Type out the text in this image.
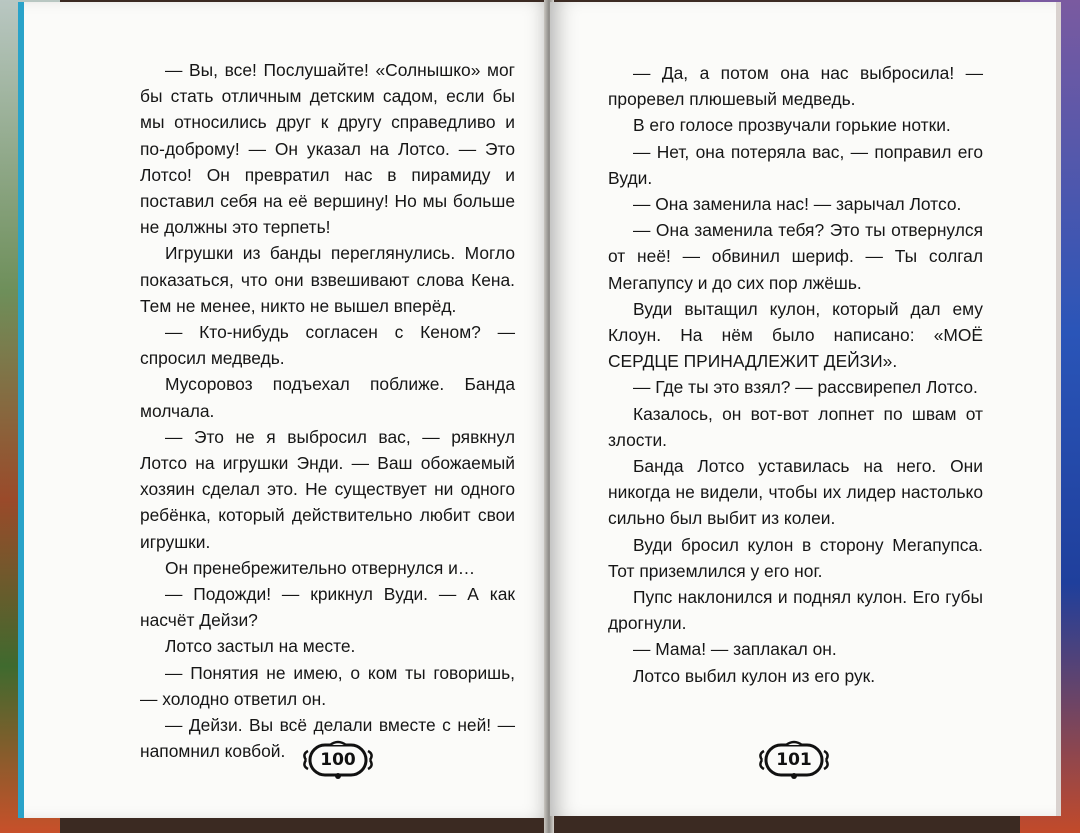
— Вы, все! Послушайте! «Солнышко» мог бы стать отличным детским садом, если бы мы относились друг к другу справедливо и по-доброму! — Он указал на Лотсо. — Это Лотсо! Он превратил нас в пирамиду и поставил себя на её вершину! Но мы больше не должны это терпеть!

Игрушки из банды переглянулись. Могло показаться, что они взвешивают слова Кена. Тем не менее, никто не вышел вперёд.

— Кто-нибудь согласен с Кеном? — спросил медведь.

Мусоровоз подъехал поближе. Банда молчала.

— Это не я выбросил вас, — рявкнул Лотсо на игрушки Энди. — Ваш обожаемый хозяин сделал это. Не существует ни одного ребёнка, который действительно любит свои игрушки.

Он пренебрежительно отвернулся и…

— Подожди! — крикнул Вуди. — А как насчёт Дейзи?

Лотсо застыл на месте.

— Понятия не имею, о ком ты говоришь, — холодно ответил он.

— Дейзи. Вы всё делали вместе с ней! — напомнил ковбой.	100

— Да, а потом она нас выбросила! — проревел плюшевый медведь.

В его голосе прозвучали горькие нотки.

— Нет, она потеряла вас, — поправил его Вуди.

— Она заменила нас! — зарычал Лотсо.

— Она заменила тебя? Это ты отвернулся от неё! — обвинил шериф. — Ты солгал Мегапупсу и до сих пор лжёшь.

Вуди вытащил кулон, который дал ему Клоун. На нём было написано: «МОЁ СЕРДЦЕ ПРИНАДЛЕЖИТ ДЕЙЗИ».

— Где ты это взял? — рассвирепел Лотсо.

Казалось, он вот-вот лопнет по швам от злости.

Банда Лотсо уставилась на него. Они никогда не видели, чтобы их лидер настолько сильно был выбит из колеи.

Вуди бросил кулон в сторону Мегапупса. Тот приземлился у его ног.

Пупс наклонился и поднял кулон. Его губы дрогнули.

— Мама! — заплакал он.

Лотсо выбил кулон из его рук.

101
